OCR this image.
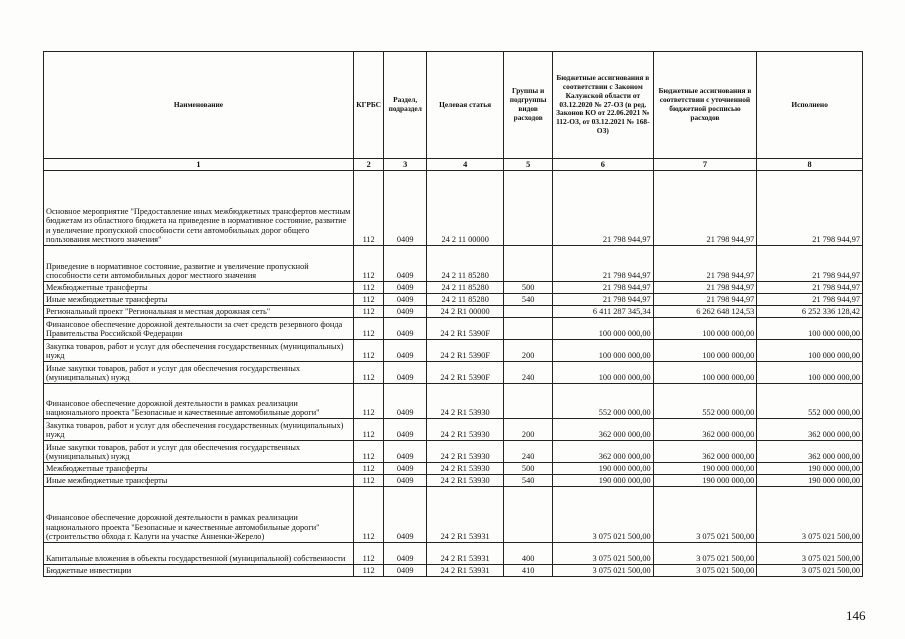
Наименование	КГРБС	Раздел, подраздел	Целевая статья	Группы и подгруппы видов расходов	Бюджетные ассигнования в соответствии с Законом Калужской области от 03.12.2020 № 27-ОЗ (в ред. Законов КО от 22.06.2021 № 112-ОЗ, от 03.12.2021 № 168-ОЗ)	Бюджетные ассигнования в соответствии с уточненной бюджетной росписью расходов	Исполнено
1	2	3	4	5	6	7	8
Основное мероприятие "Предоставление иных межбюджетных трансфертов местным бюджетам из областного бюджета на приведение в нормативное состояние, развитие и увеличение пропускной способности сети автомобильных дорог общего пользования местного значения"	112	0409	24 2 11 00000		21 798 944,97	21 798 944,97	21 798 944,97
Приведение в нормативное состояние, развитие и увеличение пропускной способности сети автомобильных дорог местного значения	112	0409	24 2 11 85280		21 798 944,97	21 798 944,97	21 798 944,97
Межбюджетные трансферты	112	0409	24 2 11 85280	500	21 798 944,97	21 798 944,97	21 798 944,97
Иные межбюджетные трансферты	112	0409	24 2 11 85280	540	21 798 944,97	21 798 944,97	21 798 944,97
Региональный проект "Региональная и местная дорожная сеть"	112	0409	24 2 R1 00000		6 411 287 345,34	6 262 648 124,53	6 252 336 128,42
Финансовое обеспечение дорожной деятельности за счет средств резервного фонда Правительства Российской Федерации	112	0409	24 2 R1 5390F		100 000 000,00	100 000 000,00	100 000 000,00
Закупка товаров, работ и услуг для обеспечения государственных (муниципальных) нужд	112	0409	24 2 R1 5390F	200	100 000 000,00	100 000 000,00	100 000 000,00
Иные закупки товаров, работ и услуг для обеспечения государственных (муниципальных) нужд	112	0409	24 2 R1 5390F	240	100 000 000,00	100 000 000,00	100 000 000,00
Финансовое обеспечение дорожной деятельности в рамках реализации национального проекта "Безопасные и качественные автомобильные дороги"	112	0409	24 2 R1 53930		552 000 000,00	552 000 000,00	552 000 000,00
Закупка товаров, работ и услуг для обеспечения государственных (муниципальных) нужд	112	0409	24 2 R1 53930	200	362 000 000,00	362 000 000,00	362 000 000,00
Иные закупки товаров, работ и услуг для обеспечения государственных (муниципальных) нужд	112	0409	24 2 R1 53930	240	362 000 000,00	362 000 000,00	362 000 000,00
Межбюджетные трансферты	112	0409	24 2 R1 53930	500	190 000 000,00	190 000 000,00	190 000 000,00
Иные межбюджетные трансферты	112	0409	24 2 R1 53930	540	190 000 000,00	190 000 000,00	190 000 000,00
Финансовое обеспечение дорожной деятельности в рамках реализации национального проекта "Безопасные и качественные автомобильные дороги" (строительство обхода г. Калуги на участке Анненки-Жерело)	112	0409	24 2 R1 53931		3 075 021 500,00	3 075 021 500,00	3 075 021 500,00
Капитальные вложения в объекты государственной (муниципальной) собственности	112	0409	24 2 R1 53931	400	3 075 021 500,00	3 075 021 500,00	3 075 021 500,00
Бюджетные инвестиции	112	0409	24 2 R1 53931	410	3 075 021 500,00	3 075 021 500,00	3 075 021 500,00
146
